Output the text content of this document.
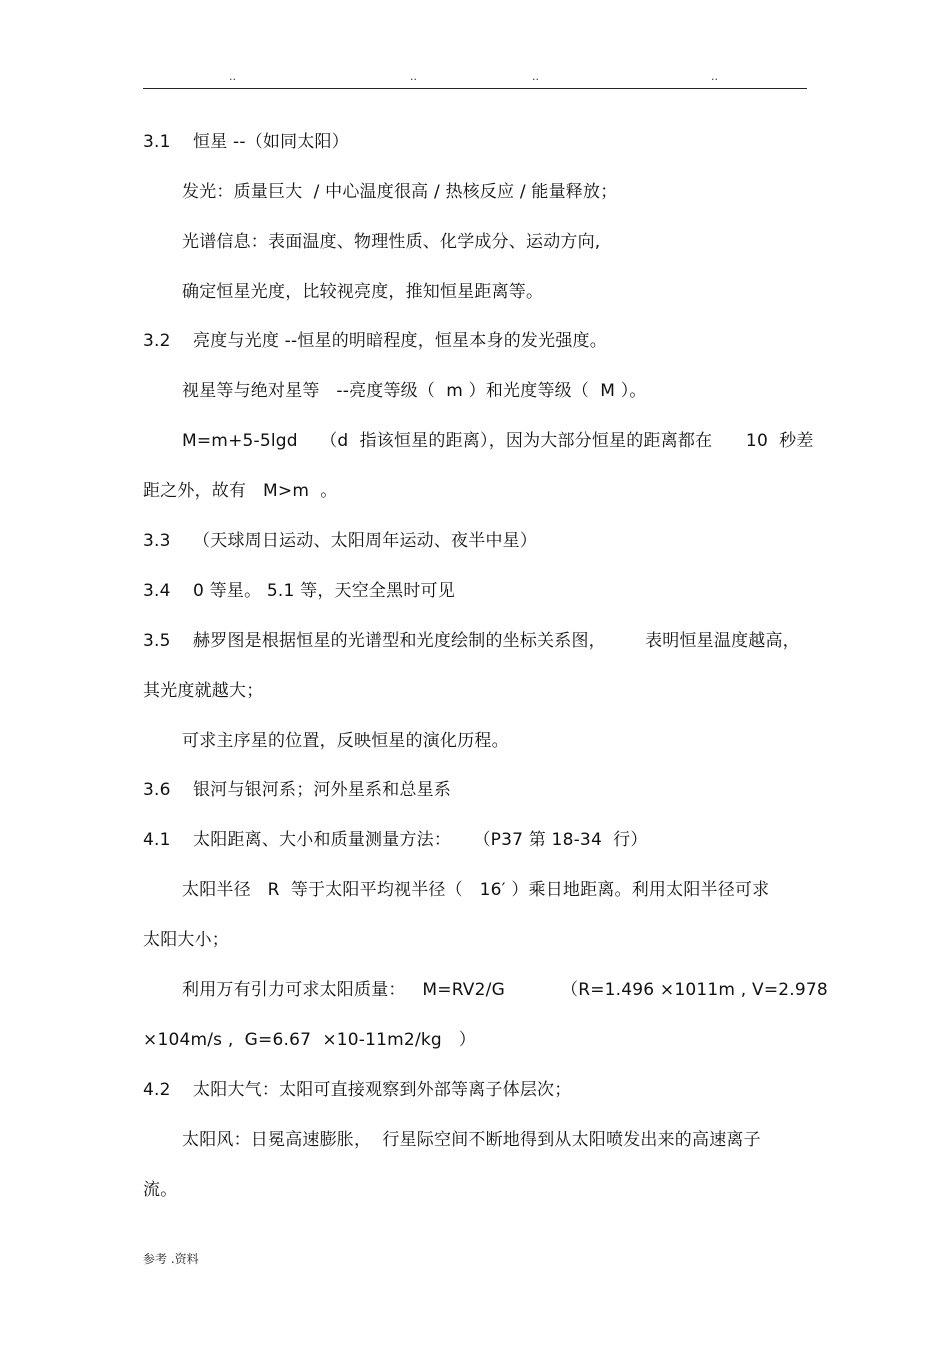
..	..	..	..
3.1    恒星 --（如同太阳）
发光：质量巨大  / 中心温度很高 / 热核反应 / 能量释放；
光谱信息：表面温度、物理性质、化学成分、运动方向,
确定恒星光度，比较视亮度，推知恒星距离等。
3.2    亮度与光度 --恒星的明暗程度，恒星本身的发光强度。
视星等与绝对星等   --亮度等级（  m ）和光度等级（  M ）。
M=m+5-5lgd    （d  指该恒星的距离），因为大部分恒星的距离都在      10  秒差
距之外，故有   M>m  。
3.3    （天球周日运动、太阳周年运动、夜半中星）
3.4    0 等星。 5.1 等，天空全黑时可见
3.5    赫罗图是根据恒星的光谱型和光度绘制的坐标关系图，       表明恒星温度越高，
其光度就越大；
可求主序星的位置，反映恒星的演化历程。
3.6    银河与银河系；河外星系和总星系
4.1    太阳距离、大小和质量测量方法：    （P37 第 18-34  行）
太阳半径   R  等于太阳平均视半径（   16′ ）乘日地距离。利用太阳半径可求
太阳大小；
利用万有引力可求太阳质量：   M=RV2/G          （R=1.496 ×1011m , V=2.978
×104m/s ,  G=6.67  ×10-11m2/kg   ）
4.2    太阳大气：太阳可直接观察到外部等离子体层次；
太阳风：日冕高速膨胀，  行星际空间不断地得到从太阳喷发出来的高速离子
流。
参考 .资料
